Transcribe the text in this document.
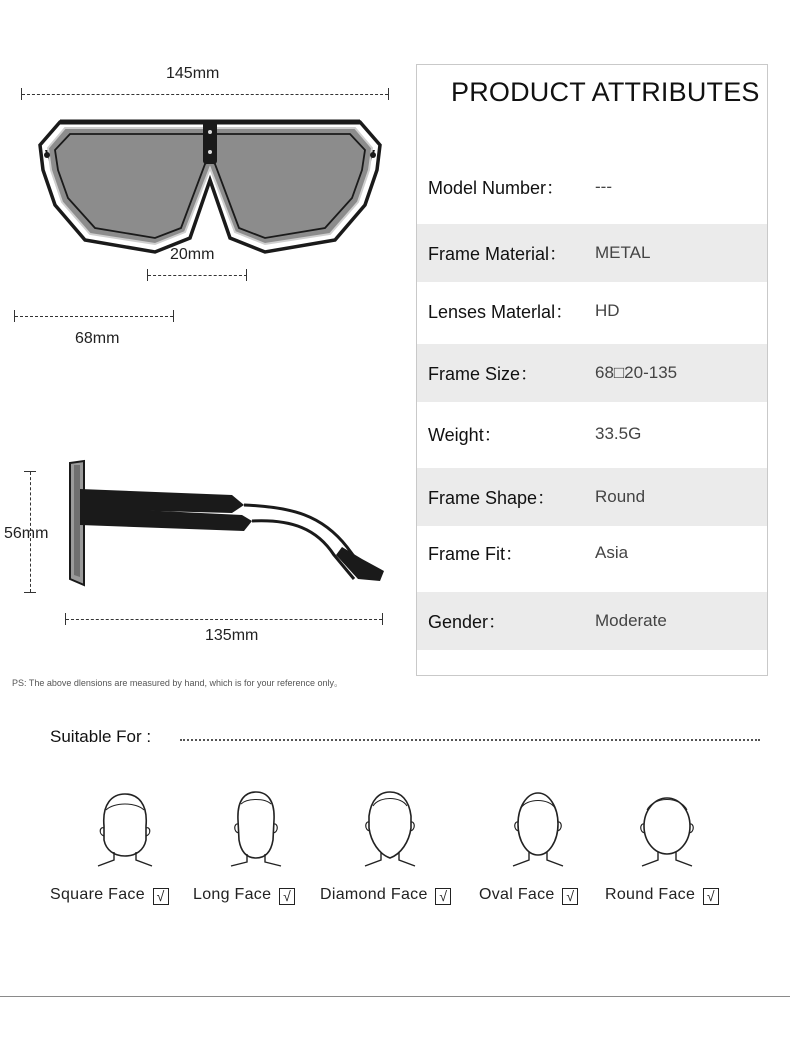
145mm
20mm
68mm
56mm
135mm
PS: The above dlensions are measured by hand, which is for your reference only。
PRODUCT ATTRIBUTES
Model Number： ---
Frame Material： METAL
Lenses Materlal： HD
Frame Size：	68□20-135
Weight：	33.5G
Frame Shape： Round
Frame Fit：	Asia
Gender：	Moderate
Suitable For :
Square Face √ Long Face √ Diamond Face √ Oval Face √ Round Face √
